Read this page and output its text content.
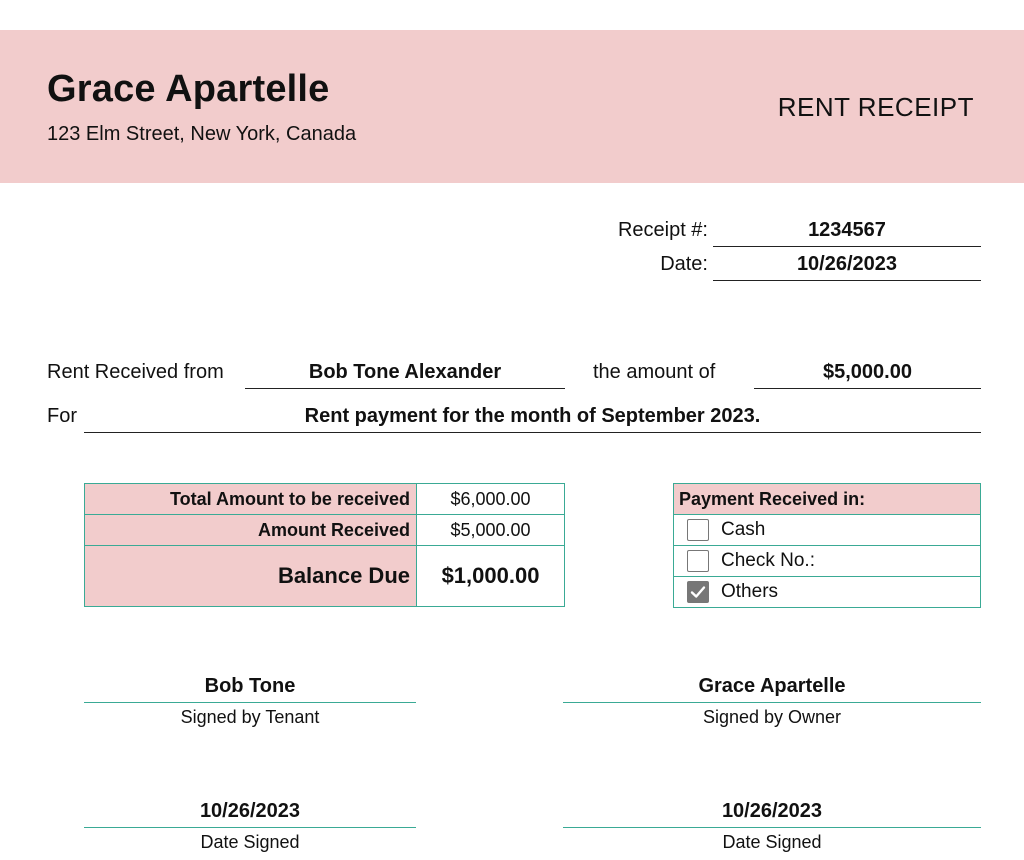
Grace Apartelle
123 Elm Street, New York, Canada
RENT RECEIPT
Receipt #:	1234567
Date:	10/26/2023
Rent Received from	Bob Tone Alexander	the amount of	$5,000.00
For	Rent payment for the month of September 2023.
Total Amount to be received	$6,000.00
Amount Received	$5,000.00
Balance Due	$1,000.00
Payment Received in:

Cash

Check No.:

Others
Bob Tone
Signed by Tenant
Grace Apartelle
Signed by Owner
10/26/2023
Date Signed
10/26/2023
Date Signed
